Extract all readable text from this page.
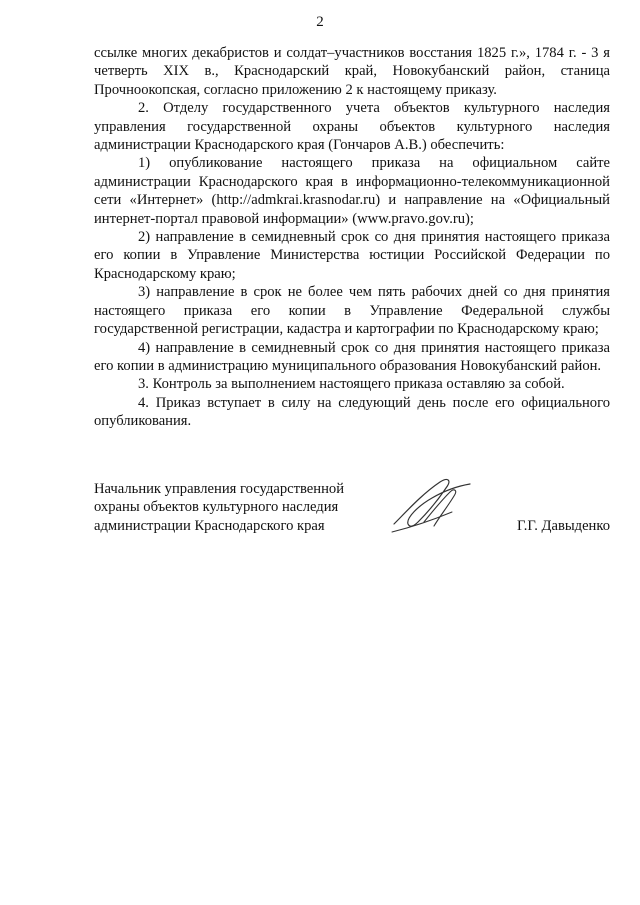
2

ссылке многих декабристов и солдат–участников восстания 1825 г.», 1784 г. - 3 я четверть XIX в., Краснодарский край, Новокубанский район, станица Прочноокопская, согласно приложению 2 к настоящему приказу.

2. Отделу государственного учета объектов культурного наследия управления государственной охраны объектов культурного наследия администрации Краснодарского края (Гончаров А.В.) обеспечить:

1) опубликование настоящего приказа на официальном сайте администрации Краснодарского края в информационно-телекоммуникационной сети «Интернет» (http://admkrai.krasnodar.ru) и направление на «Официальный интернет-портал правовой информации» (www.pravo.gov.ru);

2) направление в семидневный срок со дня принятия настоящего приказа его копии в Управление Министерства юстиции Российской Федерации по Краснодарскому краю;

3) направление в срок не более чем пять рабочих дней со дня принятия настоящего приказа его копии в Управление Федеральной службы государственной регистрации, кадастра и картографии по Краснодарскому краю;

4) направление в семидневный срок со дня принятия настоящего приказа его копии в администрацию муниципального образования Новокубанский район.

3. Контроль за выполнением настоящего приказа оставляю за собой.

4. Приказ вступает в силу на следующий день после его официального опубликования.

Начальник управления государственной
охраны объектов культурного наследия
администрации Краснодарского края	Г.Г. Давыденко
